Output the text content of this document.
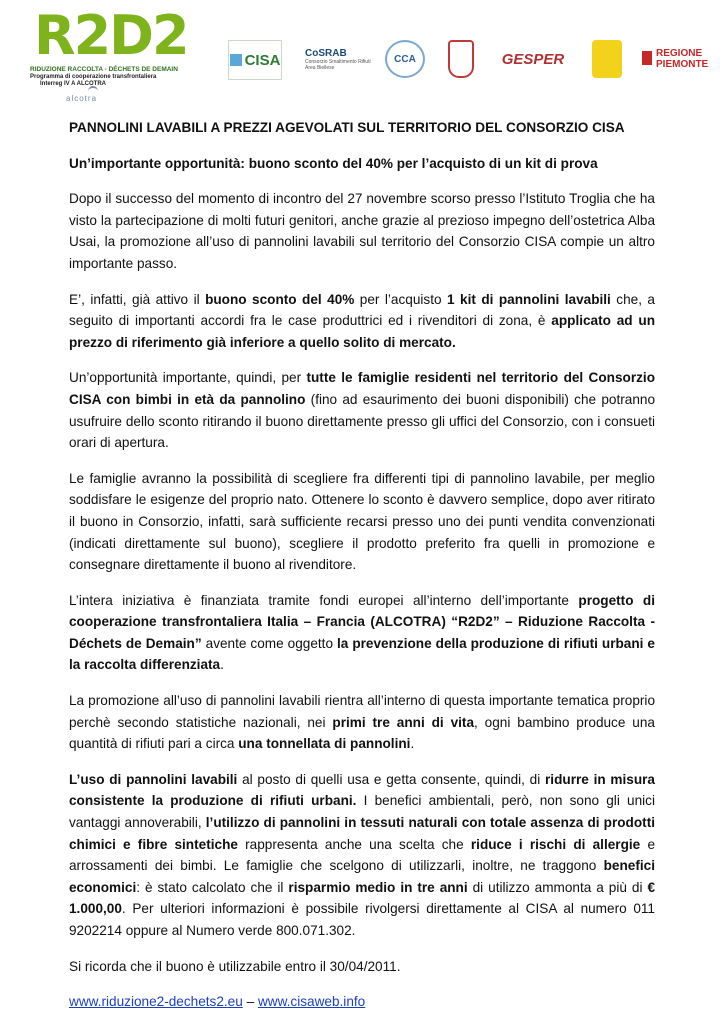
R2D2
RIDUZIONE RACCOLTA - DÉCHETS DE DEMAIN
Programma di cooperazione transfrontaliera
Interreg IV A ALCOTRA
alcotra
CISA CoSRAB
Consorzio Smaltimento Rifiuti Area Biellese
CCA	GESPER	REGIONE
PIEMONTE

PANNOLINI LAVABILI A PREZZI AGEVOLATI SUL TERRITORIO DEL CONSORZIO CISA

Un’importante opportunità: buono sconto del 40% per l’acquisto di un kit di prova

Dopo il successo del momento di incontro del 27 novembre scorso presso l’Istituto Troglia che ha visto la partecipazione di molti futuri genitori, anche grazie al prezioso impegno dell’ostetrica Alba Usai, la promozione all’uso di pannolini lavabili sul territorio del Consorzio CISA compie un altro importante passo.

E’, infatti, già attivo il buono sconto del 40% per l’acquisto 1 kit di pannolini lavabili che, a seguito di importanti accordi fra le case produttrici ed i rivenditori di zona, è applicato ad un prezzo di riferimento già inferiore a quello solito di mercato.

Un’opportunità importante, quindi, per tutte le famiglie residenti nel territorio del Consorzio CISA con bimbi in età da pannolino (fino ad esaurimento dei buoni disponibili) che potranno usufruire dello sconto ritirando il buono direttamente presso gli uffici del Consorzio, con i consueti orari di apertura.

Le famiglie avranno la possibilità di scegliere fra differenti tipi di pannolino lavabile, per meglio soddisfare le esigenze del proprio nato. Ottenere lo sconto è davvero semplice, dopo aver ritirato il buono in Consorzio, infatti, sarà sufficiente recarsi presso uno dei punti vendita convenzionati (indicati direttamente sul buono), scegliere il prodotto preferito fra quelli in promozione e consegnare direttamente il buono al rivenditore.

L’intera iniziativa è finanziata tramite fondi europei all’interno dell’importante progetto di cooperazione transfrontaliera Italia – Francia (ALCOTRA) “R2D2” – Riduzione Raccolta - Déchets de Demain” avente come oggetto la prevenzione della produzione di rifiuti urbani e la raccolta differenziata.

La promozione all’uso di pannolini lavabili rientra all’interno di questa importante tematica proprio perchè secondo statistiche nazionali, nei primi tre anni di vita, ogni bambino produce una quantità di rifiuti pari a circa una tonnellata di pannolini.

L’uso di pannolini lavabili al posto di quelli usa e getta consente, quindi, di ridurre in misura consistente la produzione di rifiuti urbani. I benefici ambientali, però, non sono gli unici vantaggi annoverabili, l’utilizzo di pannolini in tessuti naturali con totale assenza di prodotti chimici e fibre sintetiche rappresenta anche una scelta che riduce i rischi di allergie e arrossamenti dei bimbi. Le famiglie che scelgono di utilizzarli, inoltre, ne traggono benefici economici: è stato calcolato che il risparmio medio in tre anni di utilizzo ammonta a più di € 1.000,00. Per ulteriori informazioni è possibile rivolgersi direttamente al CISA al numero 011 9202214 oppure al Numero verde 800.071.302.

Si ricorda che il buono è utilizzabile entro il 30/04/2011.

www.riduzione2-dechets2.eu – www.cisaweb.info
